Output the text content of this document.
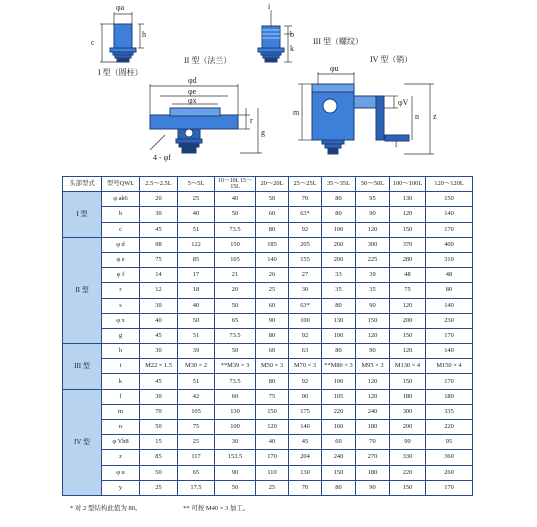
φa
c
h
I 型（圆柱）
i
b
k
III 型（螺纹）
II 型（法兰）
φd
φe
φx
r
g
4 - φf
IV 型（销）
φu
m
φV
n z
l
头部型式	型号QWL	2.5～2.5L	5～5L	10～10L 15～15L	20～20L	25～25L	35～35L	50～50L	100～100L	120～120L
I 型	φ ak6	20	25	40	50	70	80	95	130	150
	b	30	40	50	60	63*	80	90	120	140
	c	45	51	73.5	80	92	100	120	150	170
II 型	φ d	98	122	150	185	205	260	300	370	400
	φ e	75	85	105	140	155	200	225	280	310
	φ f	14	17	21	26	27	33	39	48	48
	r	12	18	20	25	30	35	35	75	80
	s	30	40	50	60	63*	80	90	120	140
	φ x	40	50	65	90	100	130	150	200	230
	g	45	51	73.5	80	92	100	120	150	170
III 型	h	30	39	50	60	63	80	90	120	140
	i	M22 × 1.5	M30 × 2	**M39 × 3	M50 × 3	M70 × 3	**M80 × 3	M95 × 3	M130 × 4	M150 × 4
	k	45	51	73.5	80	92	100	120	150	170
IV 型	l	30	42	60	75	90	105	120	180	180
	m	70	105	130	150	175	220	240	300	335
	n	50	75	100	120	140	160	180	200	220
	φ Vh8	15	25	30	40	45	60	70	90	95
	z	85	117	153.5	170	204	240	270	330	360
	φ u	50	65	90	110	130	150	180	220	260
	y	25	17.5	50	25	70	80	90	150	170
* 对 2 型结构此值为 80。	** 可按 M40 × 3 加工。
